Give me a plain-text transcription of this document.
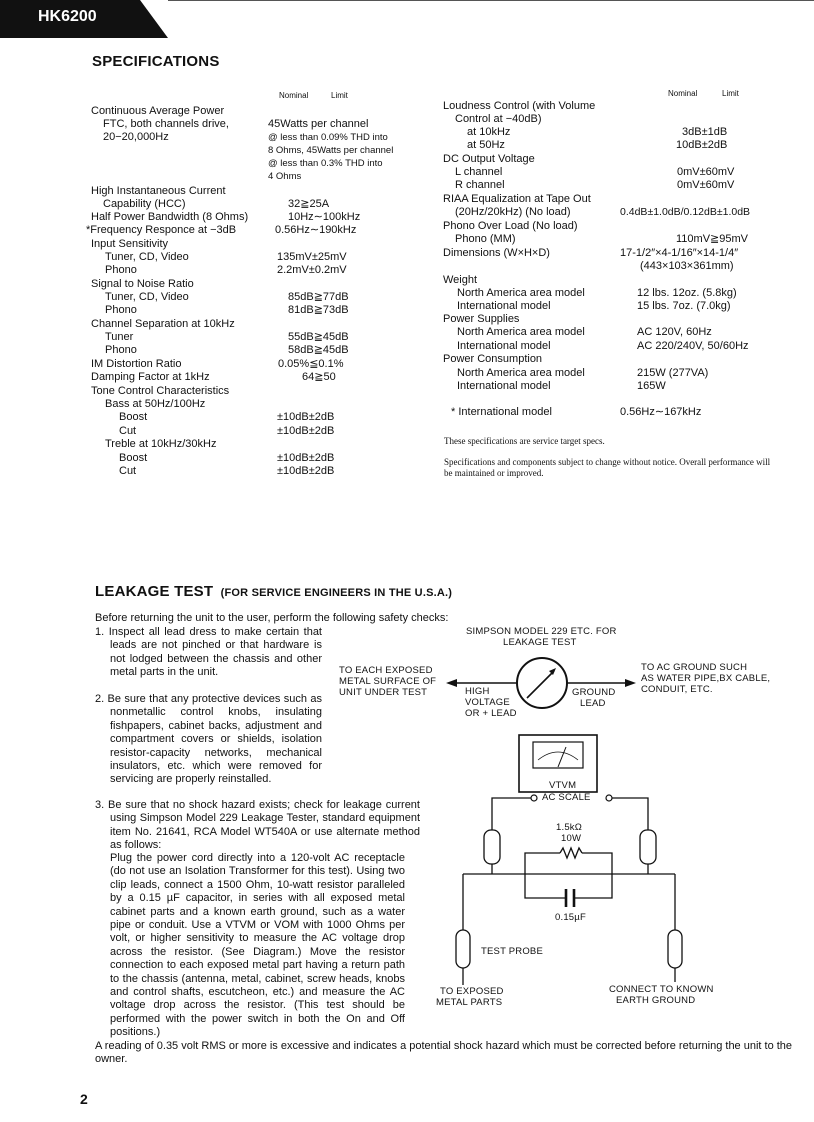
HK6200
SPECIFICATIONS
Nominal	Limit	Nominal	Limit
Continuous Average Power
FTC, both channels drive,	45Watts per channel
20−20,000Hz	@ less than 0.09% THD into
8 Ohms, 45Watts per channel
@ less than 0.3% THD into
4 Ohms
High Instantaneous Current
Capability (HCC)	32≧25A
Half Power Bandwidth (8 Ohms)	10Hz∼100kHz
*Frequency Responce at −3dB	0.56Hz∼190kHz
Input Sensitivity
Tuner, CD, Video	135mV±25mV
Phono	2.2mV±0.2mV
Signal to Noise Ratio
Tuner, CD, Video	85dB≧77dB
Phono	81dB≧73dB
Channel Separation at 10kHz
Tuner	55dB≧45dB
Phono	58dB≧45dB
IM Distortion Ratio	0.05%≦0.1%
Damping Factor at 1kHz	64≧50
Tone Control Characteristics
Bass at 50Hz/100Hz
Boost	±10dB±2dB
Cut	±10dB±2dB
Treble at 10kHz/30kHz
Boost	±10dB±2dB
Cut	±10dB±2dB
Loudness Control (with Volume
Control at −40dB)
at 10kHz	3dB±1dB
at 50Hz	10dB±2dB
DC Output Voltage
L channel	0mV±60mV
R channel	0mV±60mV
RIAA Equalization at Tape Out
(20Hz/20kHz) (No load)	0.4dB±1.0dB/0.12dB±1.0dB
Phono Over Load (No load)
Phono (MM)	110mV≧95mV
Dimensions (W×H×D)	17-1/2″×4-1/16″×14-1/4″
(443×103×361mm)
Weight
North America area model	12 lbs. 12oz. (5.8kg)
International model	15 lbs. 7oz. (7.0kg)
Power Supplies
North America area model	AC 120V, 60Hz
International model	AC 220/240V, 50/60Hz
Power Consumption
North America area model	215W (277VA)
International model	165W
* International model	0.56Hz∼167kHz
These specifications are service target specs.
Specifications and components subject to change without notice. Overall performance will be maintained or improved.
LEAKAGE TEST (FOR SERVICE ENGINEERS IN THE U.S.A.)
Before returning the unit to the user, perform the following safety checks:
1. Inspect all lead dress to make certain that leads are not pinched or that hardware is not lodged between the chassis and other metal parts in the unit.
2. Be sure that any protective devices such as nonmetallic control knobs, insulating fishpapers, cabinet backs, adjustment and compartment covers or shields, isolation resistor-capacity networks, mechanical insulators, etc. which were removed for servicing are properly reinstalled.
3. Be sure that no shock hazard exists; check for leakage current using Simpson Model 229 Leakage Tester, standard equipment item No. 21641, RCA Model WT540A or use alternate method as follows:
Plug the power cord directly into a 120-volt AC receptacle (do not use an Isolation Transformer for this test). Using two clip leads, connect a 1500 Ohm, 10-watt resistor paralleled by a 0.15 µF capacitor, in series with all exposed metal cabinet parts and a known earth ground, such as a water pipe or conduit. Use a VTVM or VOM with 1000 Ohms per volt, or higher sensitivity to measure the AC voltage drop across the resistor. (See Diagram.) Move the resistor connection to each exposed metal part having a return path to the chassis (antenna, metal, cabinet, screw heads, knobs and control shafts, escutcheon, etc.) and measure the AC voltage drop across the resistor. (This test should be performed with the power switch in both the On and Off positions.)
A reading of 0.35 volt RMS or more is excessive and indicates a potential shock hazard which must be corrected before returning the unit to the owner.
SIMPSON MODEL 229 ETC. FOR
LEAKAGE TEST
TO EACH EXPOSED
METAL SURFACE OF
UNIT UNDER TEST	HIGH
VOLTAGE
OR + LEAD
GROUND
LEAD
TO AC GROUND SUCH
AS WATER PIPE,BX CABLE,
CONDUIT, ETC.
VTVM
AC SCALE
1.5kΩ
10W
0.15µF
TEST PROBE
TO EXPOSED
METAL PARTS
CONNECT TO KNOWN
EARTH GROUND
2
